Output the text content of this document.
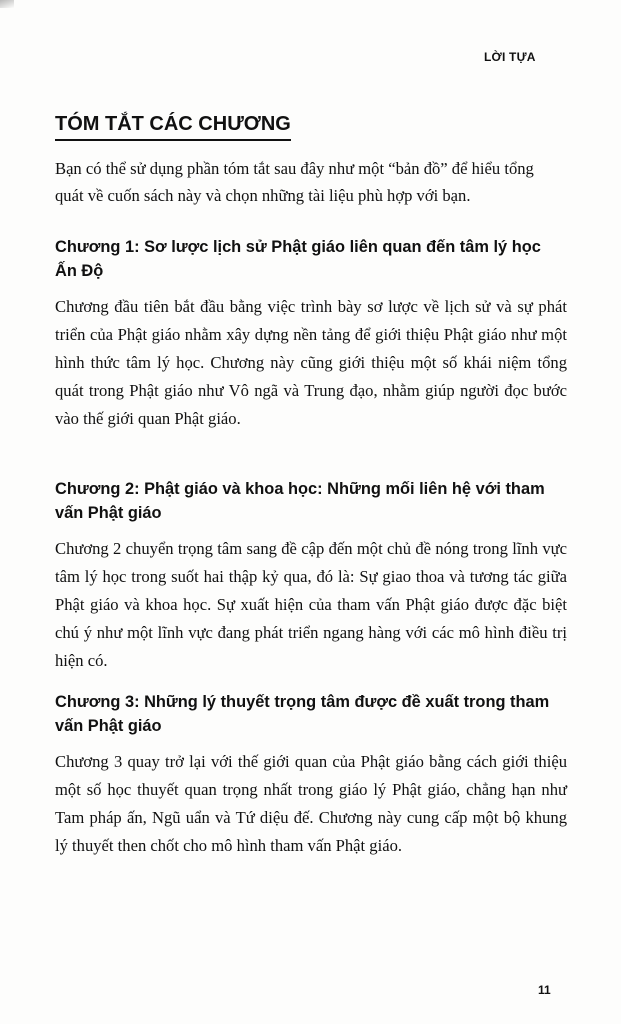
LỜI TỰA
TÓM TẮT CÁC CHƯƠNG
Bạn có thể sử dụng phần tóm tắt sau đây như một “bản đồ” để hiểu tổng quát về cuốn sách này và chọn những tài liệu phù hợp với bạn.
Chương 1: Sơ lược lịch sử Phật giáo liên quan đến tâm lý học Ấn Độ

Chương đầu tiên bắt đầu bằng việc trình bày sơ lược về lịch sử và sự phát triển của Phật giáo nhằm xây dựng nền tảng để giới thiệu Phật giáo như một hình thức tâm lý học. Chương này cũng giới thiệu một số khái niệm tổng quát trong Phật giáo như Vô ngã và Trung đạo, nhằm giúp người đọc bước vào thế giới quan Phật giáo.

Chương 2: Phật giáo và khoa học: Những mối liên hệ với tham vấn Phật giáo

Chương 2 chuyển trọng tâm sang đề cập đến một chủ đề nóng trong lĩnh vực tâm lý học trong suốt hai thập kỷ qua, đó là: Sự giao thoa và tương tác giữa Phật giáo và khoa học. Sự xuất hiện của tham vấn Phật giáo được đặc biệt chú ý như một lĩnh vực đang phát triển ngang hàng với các mô hình điều trị hiện có.

Chương 3: Những lý thuyết trọng tâm được đề xuất trong tham vấn Phật giáo

Chương 3 quay trở lại với thế giới quan của Phật giáo bằng cách giới thiệu một số học thuyết quan trọng nhất trong giáo lý Phật giáo, chẳng hạn như Tam pháp ấn, Ngũ uẩn và Tứ diệu đế. Chương này cung cấp một bộ khung lý thuyết then chốt cho mô hình tham vấn Phật giáo.

11
